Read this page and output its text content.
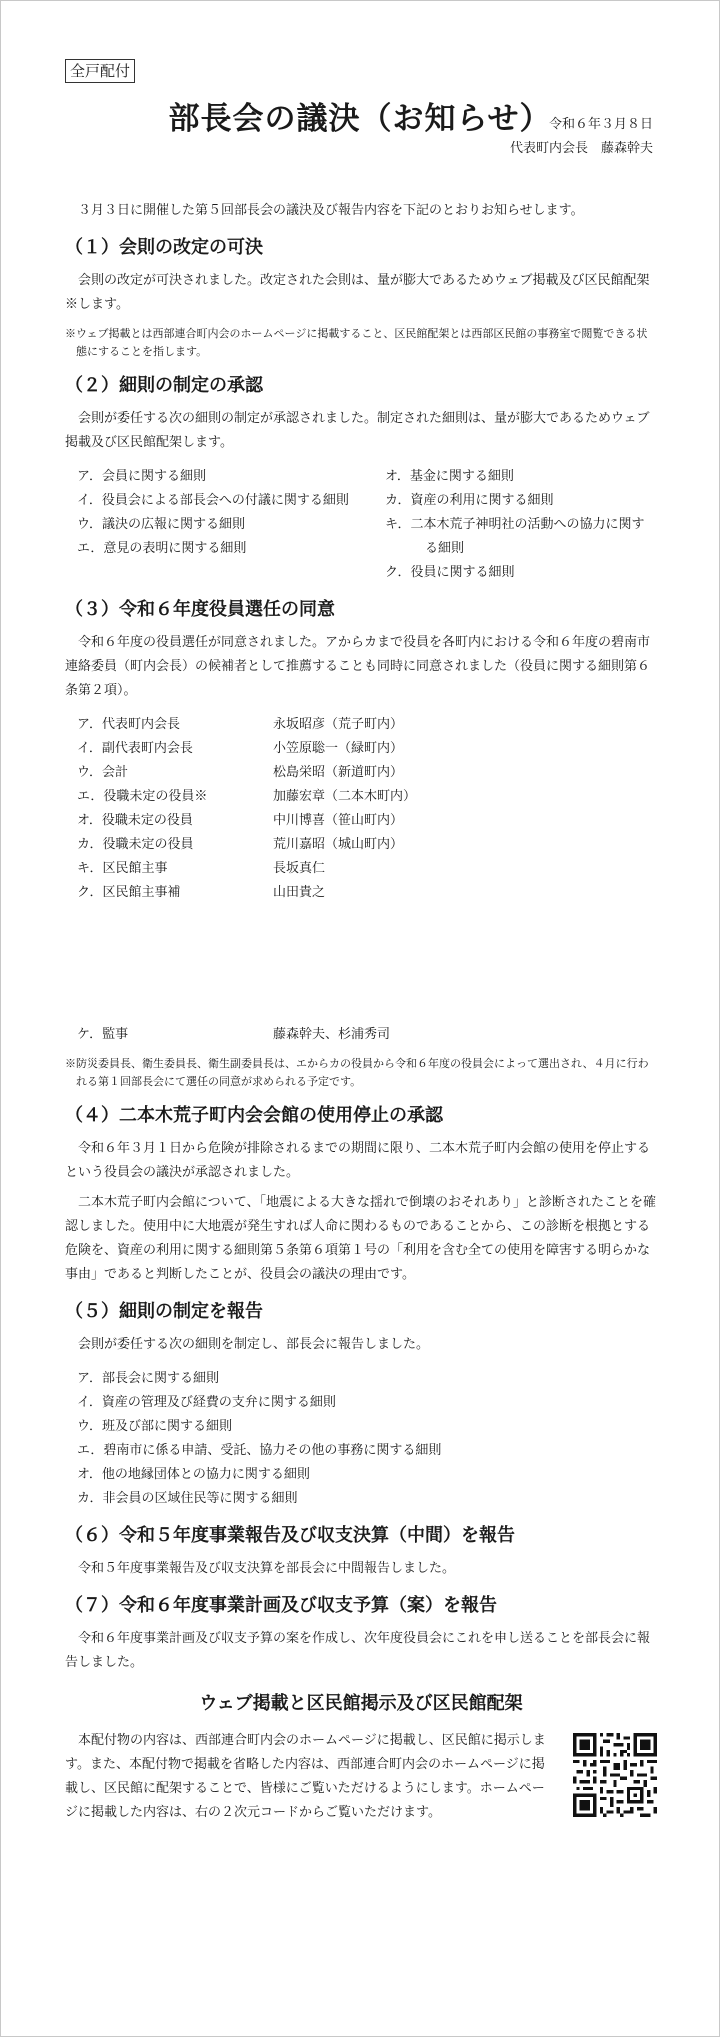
全戸配付
部長会の議決（お知らせ）
令和６年３月８日
代表町内会長　藤森幹夫

３月３日に開催した第５回部長会の議決及び報告内容を下記のとおりお知らせします。

（１）会則の改定の可決

会則の改定が可決されました。改定された会則は、量が膨大であるためウェブ掲載及び区民館配架※します。

※ウェブ掲載とは西部連合町内会のホームページに掲載すること、区民館配架とは西部区民館の事務室で閲覧できる状態にすることを指します。
（２）細則の制定の承認

会則が委任する次の細則の制定が承認されました。制定された細則は、量が膨大であるためウェブ掲載及び区民館配架します。

ア．会員に関する細則
イ．役員会による部長会への付議に関する細則
ウ．議決の広報に関する細則
エ．意見の表明に関する細則
オ．基金に関する細則
カ．資産の利用に関する細則
キ．二本木荒子神明社の活動への協力に関する細則
ク．役員に関する細則
（３）令和６年度役員選任の同意

令和６年度の役員選任が同意されました。アからカまで役員を各町内における令和６年度の碧南市連絡委員（町内会長）の候補者として推薦することも同時に同意されました（役員に関する細則第６条第２項）。

ア．代表町内会長	永坂昭彦（荒子町内）
イ．副代表町内会長	小笠原聡一（緑町内）
ウ．会計	松島栄昭（新道町内）
エ．役職未定の役員※	加藤宏章（二本木町内）
オ．役職未定の役員	中川博喜（笹山町内）
カ．役職未定の役員	荒川嘉昭（城山町内）
キ．区民館主事	長坂真仁
ク．区民館主事補	山田貴之
ケ．監事	藤森幹夫、杉浦秀司
※防災委員長、衛生委員長、衛生副委員長は、エからカの役員から令和６年度の役員会によって選出され、４月に行われる第１回部長会にて選任の同意が求められる予定です。
（４）二本木荒子町内会会館の使用停止の承認

令和６年３月１日から危険が排除されるまでの期間に限り、二本木荒子町内会館の使用を停止するという役員会の議決が承認されました。

二本木荒子町内会館について、「地震による大きな揺れで倒壊のおそれあり」と診断されたことを確認しました。使用中に大地震が発生すれば人命に関わるものであることから、この診断を根拠とする危険を、資産の利用に関する細則第５条第６項第１号の「利用を含む全ての使用を障害する明らかな事由」であると判断したことが、役員会の議決の理由です。

（５）細則の制定を報告

会則が委任する次の細則を制定し、部長会に報告しました。

ア．部長会に関する細則
イ．資産の管理及び経費の支弁に関する細則
ウ．班及び部に関する細則
エ．碧南市に係る申請、受託、協力その他の事務に関する細則
オ．他の地縁団体との協力に関する細則
カ．非会員の区域住民等に関する細則
（６）令和５年度事業報告及び収支決算（中間）を報告

令和５年度事業報告及び収支決算を部長会に中間報告しました。

（７）令和６年度事業計画及び収支予算（案）を報告

令和６年度事業計画及び収支予算の案を作成し、次年度役員会にこれを申し送ることを部長会に報告しました。

ウェブ掲載と区民館掲示及び区民館配架

本配付物の内容は、西部連合町内会のホームページに掲載し、区民館に掲示します。また、本配付物で掲載を省略した内容は、西部連合町内会のホームページに掲載し、区民館に配架することで、皆様にご覧いただけるようにします。ホームページに掲載した内容は、右の２次元コードからご覧いただけます。
